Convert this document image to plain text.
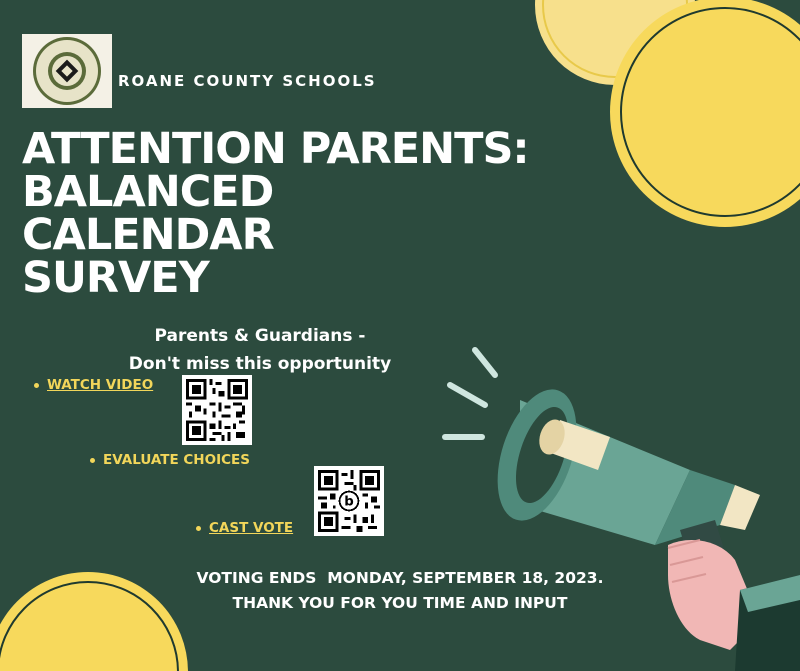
ROANE COUNTY SCHOOLS
ATTENTION PARENTS:
BALANCED
CALENDAR
SURVEY
Parents & Guardians -
Don't miss this opportunity
WATCH VIDEO
EVALUATE CHOICES
b
CAST VOTE
VOTING ENDS  MONDAY, SEPTEMBER 18, 2023.
THANK YOU FOR YOU TIME AND INPUT
